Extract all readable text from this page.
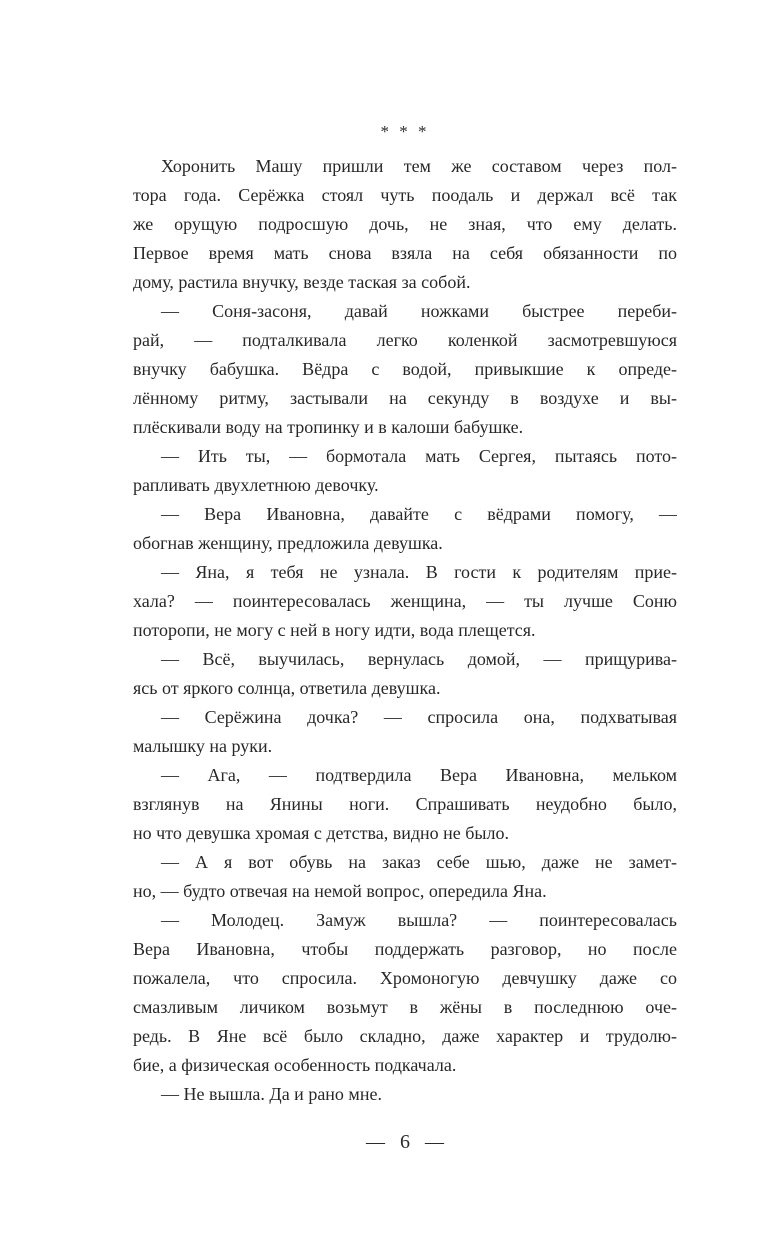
* * *
Хоронить Машу пришли тем же составом через пол-
тора года. Серёжка стоял чуть поодаль и держал всё так
же орущую подросшую дочь, не зная, что ему делать.
Первое время мать снова взяла на себя обязанности по
дому, растила внучку, везде таская за собой.
— Соня-засоня, давай ножками быстрее переби-
рай, — подталкивала легко коленкой засмотревшуюся
внучку бабушка. Вёдра с водой, привыкшие к опреде-
лённому ритму, застывали на секунду в воздухе и вы-
плёскивали воду на тропинку и в калоши бабушке.
— Ить ты, — бормотала мать Сергея, пытаясь пото-
рапливать двухлетнюю девочку.
— Вера Ивановна, давайте с вёдрами помогу, —
обогнав женщину, предложила девушка.
— Яна, я тебя не узнала. В гости к родителям прие-
хала? — поинтересовалась женщина, — ты лучше Соню
поторопи, не могу с ней в ногу идти, вода плещется.
— Всё, выучилась, вернулась домой, — прищурива-
ясь от яркого солнца, ответила девушка.
— Серёжина дочка? — спросила она, подхватывая
малышку на руки.
— Ага, — подтвердила Вера Ивановна, мельком
взглянув на Янины ноги. Спрашивать неудобно было,
но что девушка хромая с детства, видно не было.
— А я вот обувь на заказ себе шью, даже не замет-
но, — будто отвечая на немой вопрос, опередила Яна.
— Молодец. Замуж вышла? — поинтересовалась
Вера Ивановна, чтобы поддержать разговор, но после
пожалела, что спросила. Хромоногую девчушку даже со
смазливым личиком возьмут в жёны в последнюю оче-
редь. В Яне всё было складно, даже характер и трудолю-
бие, а физическая особенность подкачала.
— Не вышла. Да и рано мне.
— 6 —
